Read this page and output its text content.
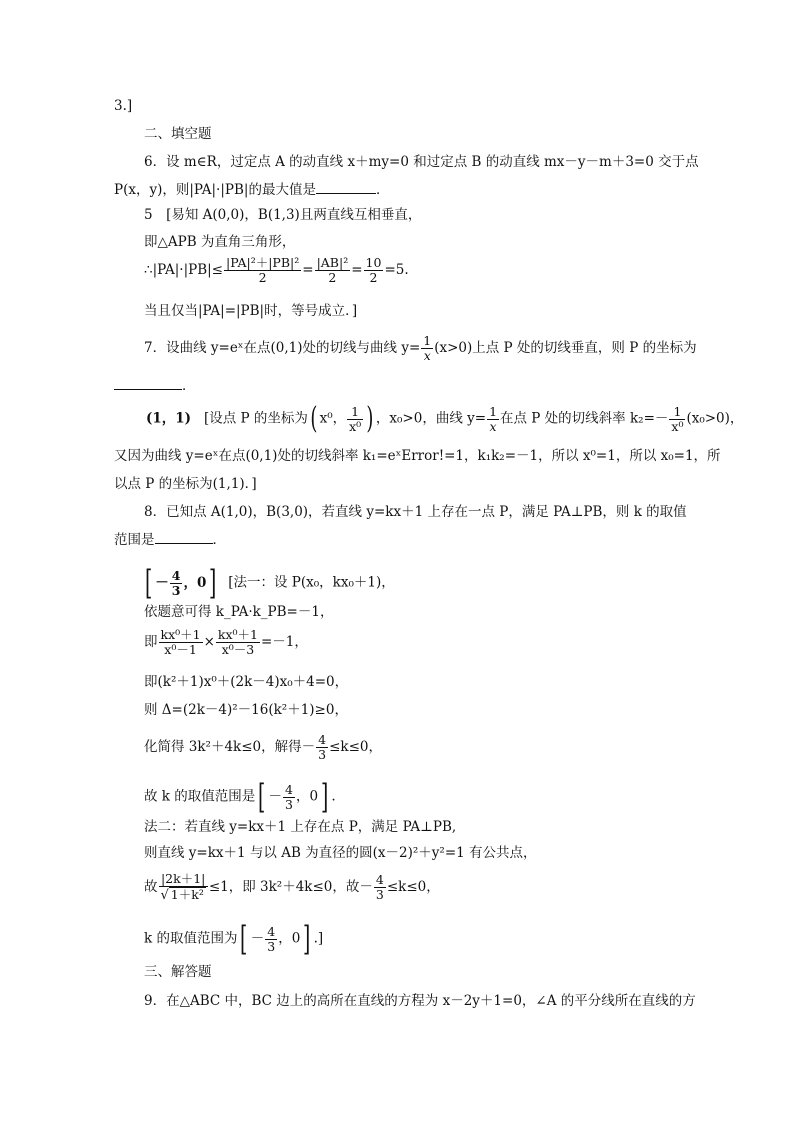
3.]
二、填空题
6．设 m∈R，过定点 A 的动直线 x＋my=0 和过定点 B 的动直线 mx－y－m＋3=0 交于点
P(x，y)，则|PA|·|PB|的最大值是	．
5　[易知 A(0,0)，B(1,3)且两直线互相垂直，
即△APB 为直角三角形，
∴|PA|·|PB|≤ $\frac{\text{|PA|²＋|PB|²}}{2} = \frac{\text{|AB|²}}{2} = \frac{10}{2} =5$.
当且仅当|PA|=|PB|时，等号成立．]
7．设曲线 y=eˣ在点(0,1)处的切线与曲线 $y= \frac{1}{x} (x>0)$上点 P 处的切线垂直，则 P 的坐标为
．
(1，1) [设点 P 的坐标为( x⁰， $\frac{1}{\text{x⁰}}$ ) ，x₀>0，曲线 $y= \frac{1}{x}$ 在点 P 处的切线斜率 $k_2=- \frac{1}{\text{x⁰}} (x_0>0)$，
又因为曲线 y=eˣ在点(0,1)处的切线斜率 k₁=eˣError!=1，k₁k₂=－1，所以 x⁰=1，所以 x₀=1，所
以点 P 的坐标为(1,1)．]
8．已知点 A(1,0)，B(3,0)，若直线 y=kx＋1 上存在一点 P，满足 PA⊥PB，则 k 的取值
范围是	．
[ － $\frac{4}{3}$ ，0] [法一：设 P(x₀，kx₀＋1)，
依题意可得 k_PA·k_PB=－1，
即 $\frac{\text{kx⁰＋1}}{\text{x⁰－1}} \times \frac{\text{kx⁰＋1}}{\text{x⁰－3}} =-1$，
即(k²＋1)x⁰＋(2k－4)x₀＋4=0，
则 Δ=(2k－4)²－16(k²＋1)≥0，
化简得 3k²＋4k≤0，解得－ $\frac{4}{3} \le k\le 0$，
故 k 的取值范围是[ － $\frac{4}{3}$ ，0] .
法二：若直线 y=kx＋1 上存在点 P，满足 PA⊥PB,
则直线 y=kx＋1 与以 AB 为直径的圆(x－2)²＋y²=1 有公共点，
故 $\frac{|2k+1|}{\text{√ 1＋k²}} \le 1$，即 3k²＋4k≤0，故－ $\frac{4}{3} \le k\le 0$，
k 的取值范围为[ － $\frac{4}{3}$ ，0] .]
三、解答题
9．在△ABC 中，BC 边上的高所在直线的方程为 x－2y＋1=0，∠A 的平分线所在直线的方
